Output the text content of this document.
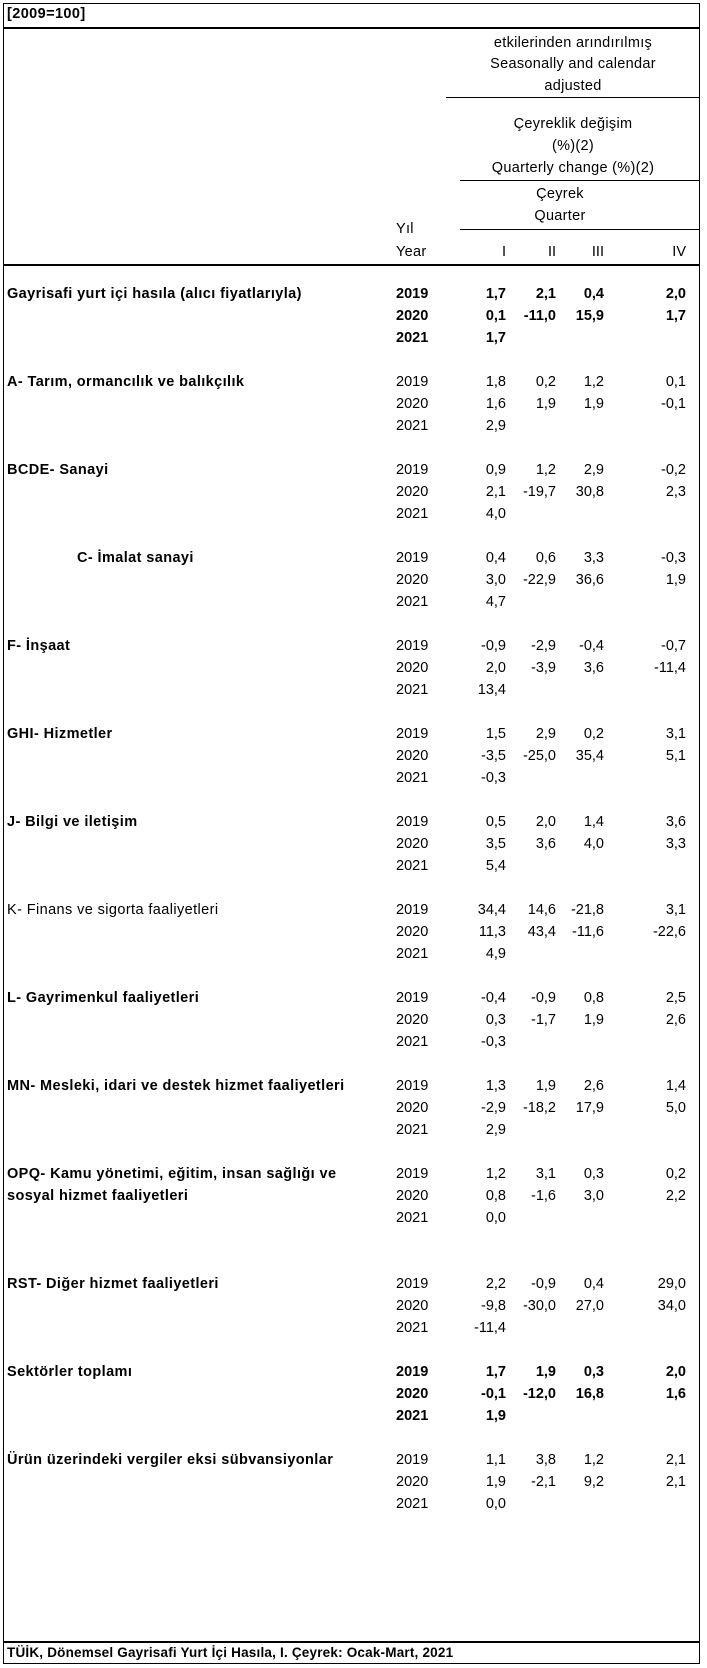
[2009=100]
etkilerinden arındırılmış
Seasonally and calendar
adjusted
Çeyreklik değişim
(%)(2)
Quarterly change (%)(2)
Çeyrek
Quarter
Yıl
Year	I	II	III	IV
Gayrisafi yurt içi hasıla (alıcı fiyatlarıyla)	2019	1,7	2,1	0,4	2,0
2020	0,1	-11,0	15,9	1,7
2021	1,7
A- Tarım, ormancılık ve balıkçılık	2019	1,8	0,2	1,2	0,1
2020	1,6	1,9	1,9	-0,1
2021	2,9
BCDE- Sanayi	2019	0,9	1,2	2,9	-0,2
2020	2,1	-19,7	30,8	2,3
2021	4,0
C- İmalat sanayi	2019	0,4	0,6	3,3	-0,3
2020	3,0	-22,9	36,6	1,9
2021	4,7
F- İnşaat	2019	-0,9	-2,9	-0,4	-0,7
2020	2,0	-3,9	3,6	-11,4
2021	13,4
GHI- Hizmetler	2019	1,5	2,9	0,2	3,1
2020	-3,5	-25,0	35,4	5,1
2021	-0,3
J- Bilgi ve iletişim	2019	0,5	2,0	1,4	3,6
2020	3,5	3,6	4,0	3,3
2021	5,4
K- Finans ve sigorta faaliyetleri	2019	34,4	14,6	-21,8	3,1
2020	11,3	43,4	-11,6	-22,6
2021	4,9
L- Gayrimenkul faaliyetleri	2019	-0,4	-0,9	0,8	2,5
2020	0,3	-1,7	1,9	2,6
2021	-0,3
MN- Mesleki, idari ve destek hizmet faaliyetleri	2019	1,3	1,9	2,6	1,4
2020	-2,9	-18,2	17,9	5,0
2021	2,9
OPQ- Kamu yönetimi, eğitim, insan sağlığı ve
sosyal hizmet faaliyetleri
2019	1,2	3,1	0,3	0,2
2020	0,8	-1,6	3,0	2,2
2021	0,0
RST- Diğer hizmet faaliyetleri	2019	2,2	-0,9	0,4	29,0
2020	-9,8	-30,0	27,0	34,0
2021	-11,4
Sektörler toplamı	2019	1,7	1,9	0,3	2,0
2020	-0,1	-12,0	16,8	1,6
2021	1,9
Ürün üzerindeki vergiler eksi sübvansiyonlar	2019	1,1	3,8	1,2	2,1
2020	1,9	-2,1	9,2	2,1
2021	0,0
TÜİK, Dönemsel Gayrisafi Yurt İçi Hasıla, I. Çeyrek: Ocak-Mart, 2021
